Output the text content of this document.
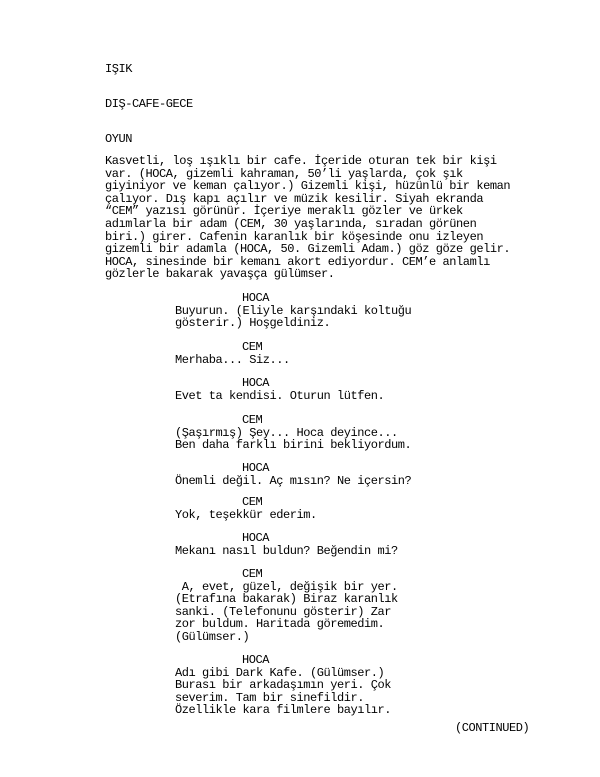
IŞIK
DIŞ-CAFE-GECE
OYUN
Kasvetli, loş ışıklı bir cafe. İçeride oturan tek bir kişi
var. (HOCA, gizemli kahraman, 50’li yaşlarda, çok şık
giyiniyor ve keman çalıyor.) Gizemli kişi, hüzünlü bir keman
çalıyor. Dış kapı açılır ve müzik kesilir. Siyah ekranda
“CEM” yazısı görünür. İçeriye meraklı gözler ve ürkek
adımlarla bir adam (CEM, 30 yaşlarında, sıradan görünen
biri.) girer. Cafenin karanlık bir köşesinde onu izleyen
gizemli bir adamla (HOCA, 50. Gizemli Adam.) göz göze gelir.
HOCA, sinesinde bir kemanı akort ediyordur. CEM’e anlamlı
gözlerle bakarak yavaşça gülümser.
HOCA
Buyurun. (Eliyle karşındaki koltuğu
gösterir.) Hoşgeldiniz.
CEM
Merhaba... Siz...
HOCA
Evet ta kendisi. Oturun lütfen.
CEM
(Şaşırmış) Şey... Hoca deyince...
Ben daha farklı birini bekliyordum.
HOCA
Önemli değil. Aç mısın? Ne içersin?
CEM
Yok, teşekkür ederim.
HOCA
Mekanı nasıl buldun? Beğendin mi?
CEM
A, evet, güzel, değişik bir yer.
(Etrafına bakarak) Biraz karanlık
sanki. (Telefonunu gösterir) Zar
zor buldum. Haritada göremedim.
(Gülümser.)
HOCA
Adı gibi Dark Kafe. (Gülümser.)
Burası bir arkadaşımın yeri. Çok
severim. Tam bir sinefildir.
Özellikle kara filmlere bayılır.
(CONTINUED)
